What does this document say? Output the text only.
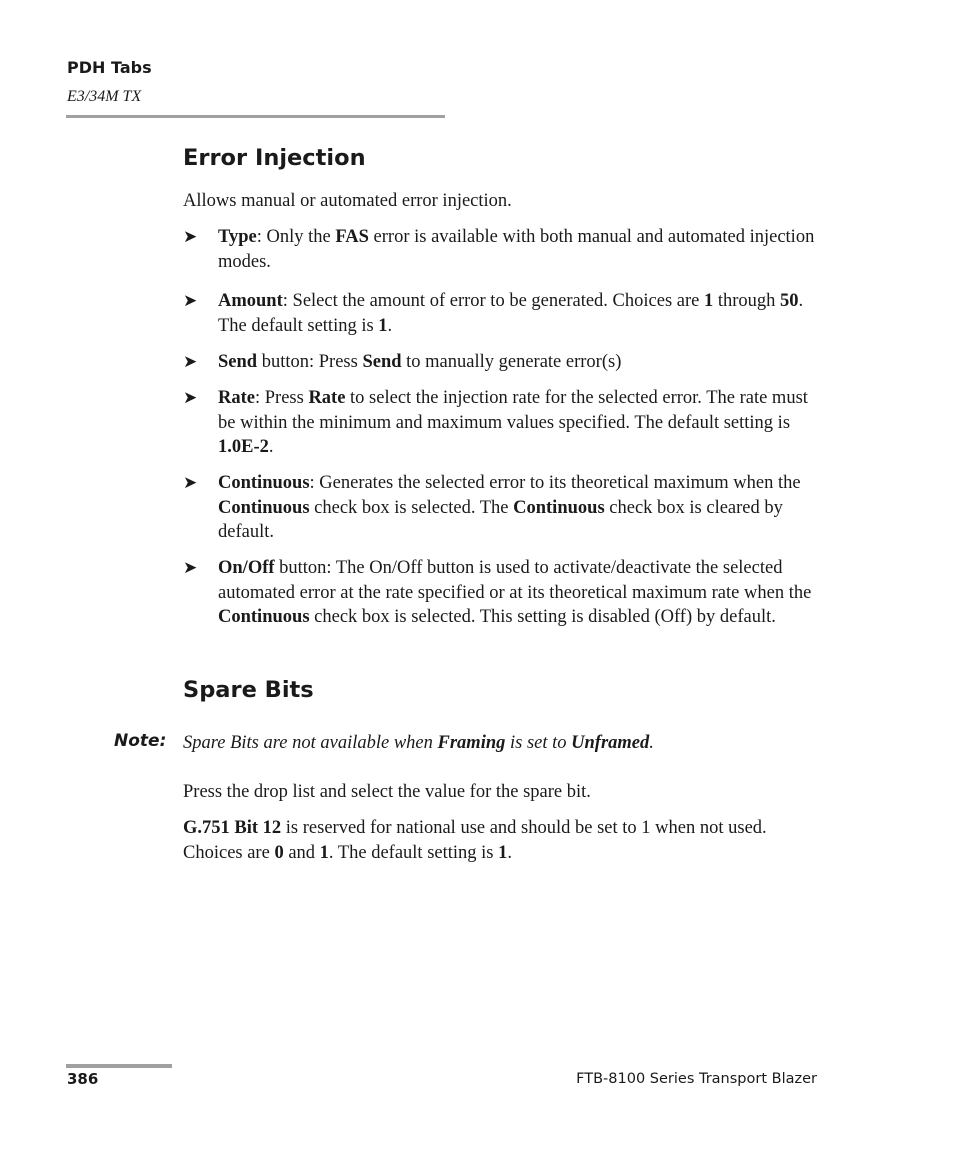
PDH Tabs
E3/34M TX
Error Injection
Allows manual or automated error injection.
➤ Type: Only the FAS error is available with both manual and automated injection modes.
➤ Amount: Select the amount of error to be generated. Choices are 1 through 50. The default setting is 1.
➤ Send button: Press Send to manually generate error(s)
➤ Rate: Press Rate to select the injection rate for the selected error. The rate must be within the minimum and maximum values specified. The default setting is 1.0E-2.
➤ Continuous: Generates the selected error to its theoretical maximum when the Continuous check box is selected. The Continuous check box is cleared by default.
➤ On/Off button: The On/Off button is used to activate/deactivate the selected automated error at the rate specified or at its theoretical maximum rate when the Continuous check box is selected. This setting is disabled (Off) by default.
Spare Bits
Note: Spare Bits are not available when Framing is set to Unframed.
Press the drop list and select the value for the spare bit.
G.751 Bit 12 is reserved for national use and should be set to 1 when not used. Choices are 0 and 1. The default setting is 1.
386	FTB-8100 Series Transport Blazer
